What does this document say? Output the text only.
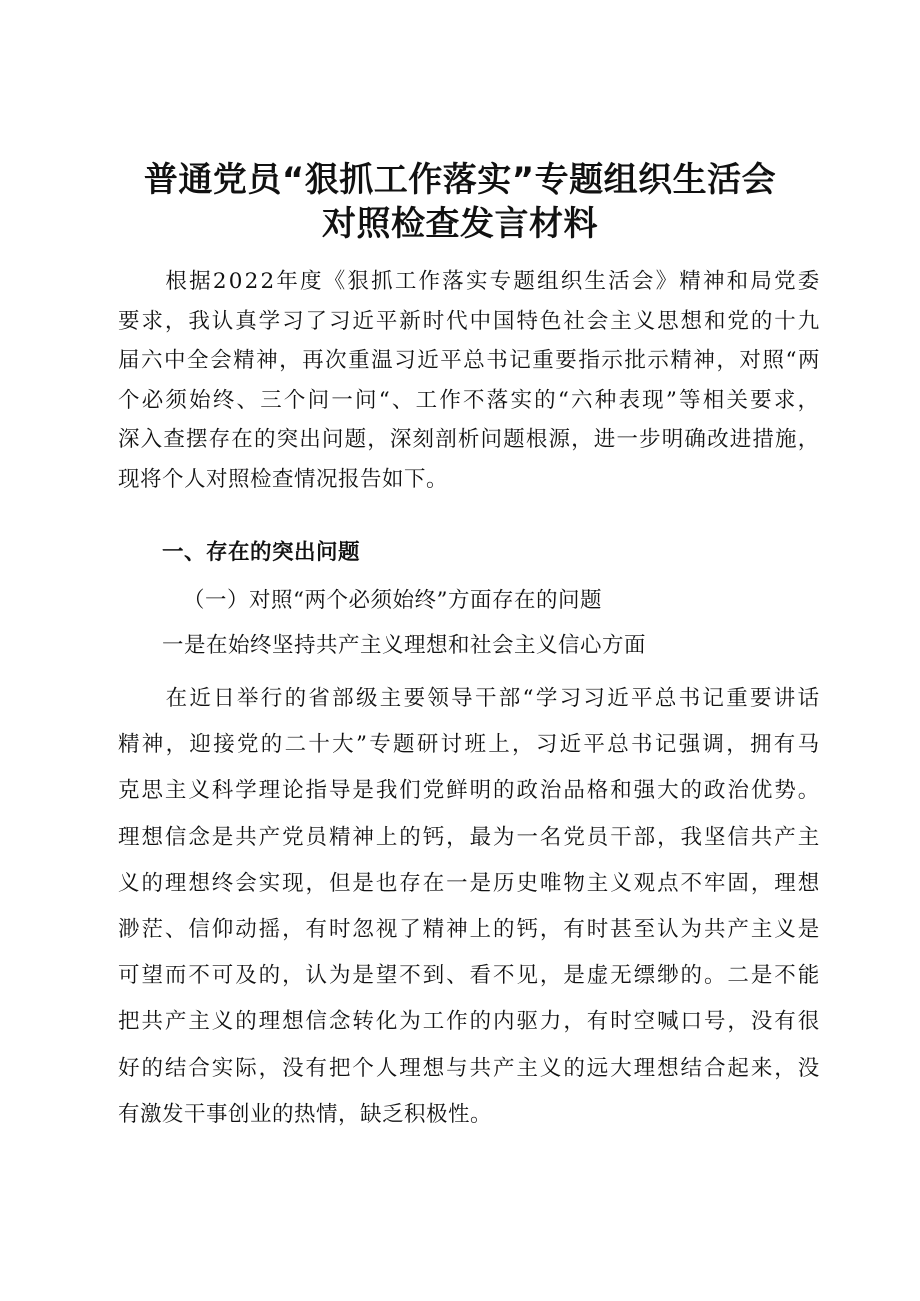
普通党员“狠抓工作落实”专题组织生活会
对照检查发言材料

根 据 2 0 2 2 年 度 《 狠 抓 工 作 落 实 专 题 组 织 生 活 会 》 精 神 和 局 党 委
要 求 ， 我 认 真 学 习 了 习 近 平 新 时 代 中 国 特 色 社 会 主 义 思 想 和 党 的 十 九
届 六 中 全 会 精 神 ， 再 次 重 温 习 近 平 总 书 记 重 要 指 示 批 示 精 神 ， 对 照 “ 两
个 必 须 始 终 、 三 个 问 一 问 “ 、 工 作 不 落 实 的 “ 六 种 表 现 ” 等 相 关 要 求 ，
深 入 查 摆 存 在 的 突 出 问 题 ， 深 刻 剖 析 问 题 根 源 ， 进 一 步 明 确 改 进 措 施 ，
现将个人对照检查情况报告如下。
一、存在的突出问题
（一）对照“两个必须始终”方面存在的问题
一是在始终坚持共产主义理想和社会主义信心方面

在 近 日 举 行 的 省 部 级 主 要 领 导 干 部 “ 学 习 习 近 平 总 书 记 重 要 讲 话
精 神 ， 迎 接 党 的 二 十 大 ” 专 题 研 讨 班 上 ， 习 近 平 总 书 记 强 调 ， 拥 有 马
克 思 主 义 科 学 理 论 指 导 是 我 们 党 鲜 明 的 政 治 品 格 和 强 大 的 政 治 优 势 。
理 想 信 念 是 共 产 党 员 精 神 上 的 钙 ， 最 为 一 名 党 员 干 部 ， 我 坚 信 共 产 主
义 的 理 想 终 会 实 现 ， 但 是 也 存 在 一 是 历 史 唯 物 主 义 观 点 不 牢 固 ， 理 想
渺 茫 、 信 仰 动 摇 ， 有 时 忽 视 了 精 神 上 的 钙 ， 有 时 甚 至 认 为 共 产 主 义 是
可 望 而 不 可 及 的 ， 认 为 是 望 不 到 、 看 不 见 ， 是 虚 无 缥 缈 的 。 二 是 不 能
把 共 产 主 义 的 理 想 信 念 转 化 为 工 作 的 内 驱 力 ， 有 时 空 喊 口 号 ， 没 有 很
好 的 结 合 实 际 ， 没 有 把 个 人 理 想 与 共 产 主 义 的 远 大 理 想 结 合 起 来 ， 没
有激发干事创业的热情，缺乏积极性。
